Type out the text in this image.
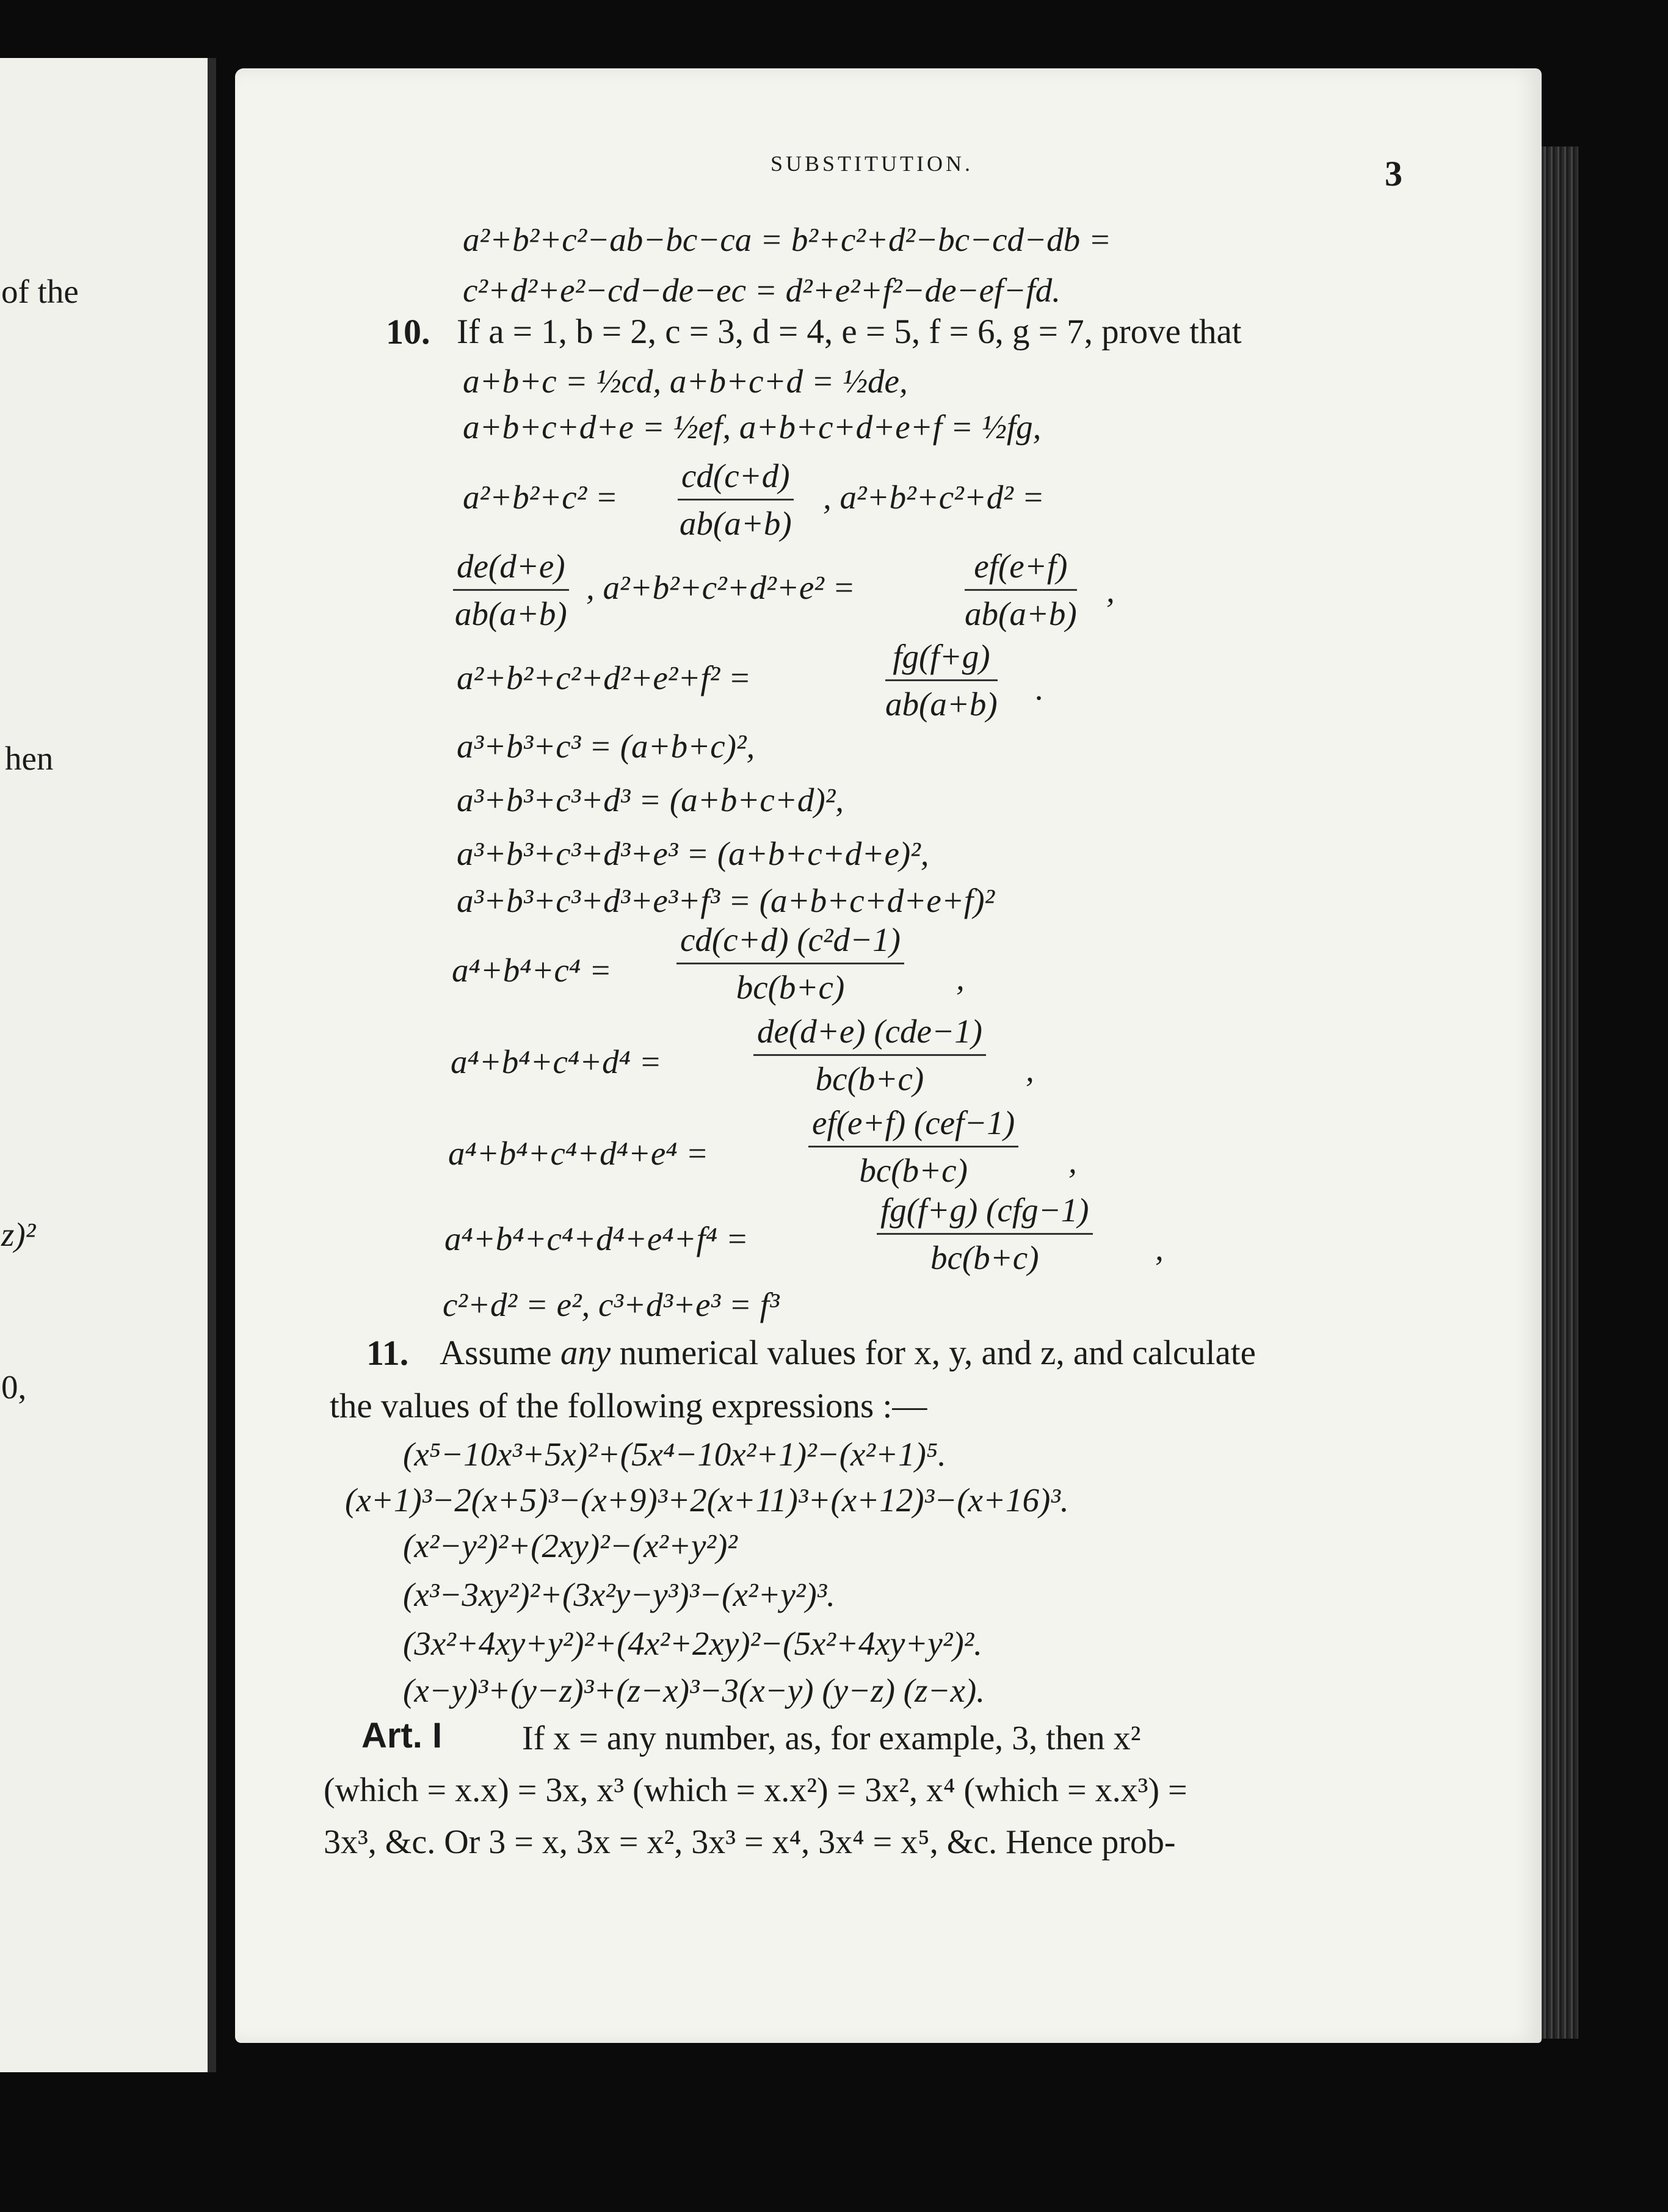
of thе
hen
z)²
0,
SUBSTITUTION.	3
a²+b²+c²−ab−bc−ca = b²+c²+d²−bc−cd−db =
c²+d²+e²−cd−de−ec = d²+e²+f²−de−ef−fd.
10. If a = 1, b = 2, c = 3, d = 4, e = 5, f = 6, g = 7, prove that
a+b+c = ½cd, a+b+c+d = ½de,
a+b+c+d+e = ½ef, a+b+c+d+e+f = ½fg,
$a^2+b^2+c^2 = \frac{cd(c+d)}{ab(a+b)}$ , a²+b²+c²+d² =
$\frac{de(d+e)}{ab(a+b)}$ , a²+b²+c²+d²+e² =	$\frac{ef(e+f)}{ab(a+b)}$ ,
a²+b²+c²+d²+e²+f² =	$\frac{fg(f+g)}{ab(a+b)}$ .
a³+b³+c³ = (a+b+c)²,
a³+b³+c³+d³ = (a+b+c+d)²,
a³+b³+c³+d³+e³ = (a+b+c+d+e)²,
a³+b³+c³+d³+e³+f³ = (a+b+c+d+e+f)²
$a^4+b^4+c^4 = \frac{\text{cd(c+d) (c²d−1)}}{bc(b+c)}$ ,
a⁴+b⁴+c⁴+d⁴ =
de(d+e) (cde−1)
bc(b+c)	,
a⁴+b⁴+c⁴+d⁴+e⁴ =
ef(e+f) (cef−1)
bc(b+c)	,
a⁴+b⁴+c⁴+d⁴+e⁴+f⁴ =
fg(f+g) (cfg−1)
bc(b+c)	,
c²+d² = e², c³+d³+e³ = f³
11. Assume any numerical values for x, y, and z, and calculate
the values of the following expressions :—
(x⁵−10x³+5x)²+(5x⁴−10x²+1)²−(x²+1)⁵.
(x+1)³−2(x+5)³−(x+9)³+2(x+11)³+(x+12)³−(x+16)³.
(x²−y²)²+(2xy)²−(x²+y²)²
(x³−3xy²)²+(3x²y−y³)³−(x²+y²)³.
(3x²+4xy+y²)²+(4x²+2xy)²−(5x²+4xy+y²)².
(x−y)³+(y−z)³+(z−x)³−3(x−y) (y−z) (z−x).
Art. I If x = any number, as, for example, 3, then x²
(which = x.x) = 3x, x³ (which = x.x²) = 3x², x⁴ (which = x.x³) =
3x³, &c. Or 3 = x, 3x = x², 3x³ = x⁴, 3x⁴ = x⁵, &c. Hence prob-
